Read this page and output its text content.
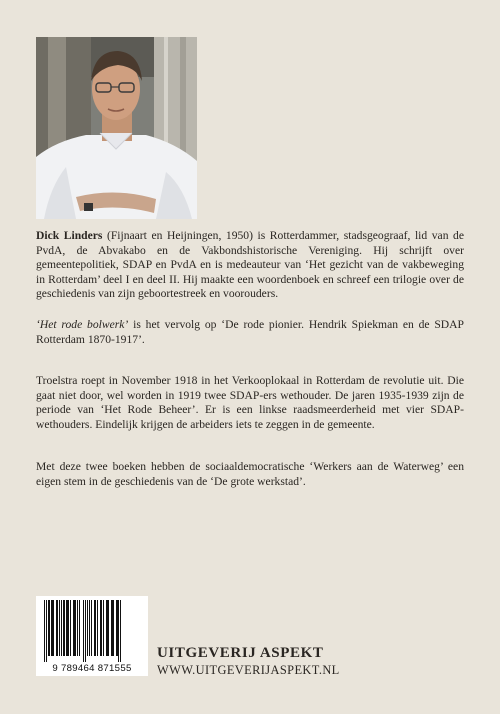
Dick Linders (Fijnaart en Heijningen, 1950) is Rotterdammer, stadsgeograaf, lid van de PvdA, de Abvakabo en de Vakbondshistorische Vereniging. Hij schrijft over gemeentepolitiek, SDAP en PvdA en is medeauteur van ‘Het gezicht van de vakbeweging in Rotterdam’ deel I en deel II. Hij maakte een woordenboek en schreef een trilogie over de geschiedenis van zijn geboortestreek en voorouders.
‘Het rode bolwerk’ is het vervolg op ‘De rode pionier. Hendrik Spiekman en de SDAP Rotterdam 1870-1917’.
Troelstra roept in November 1918 in het Verkooplokaal in Rotterdam de revolutie uit. Die gaat niet door, wel worden in 1919 twee SDAP-ers wethouder. De jaren 1935-1939 zijn de periode van ‘Het Rode Beheer’. Er is een linkse raadsmeerderheid met vier SDAP-wethouders. Eindelijk krijgen de arbeiders iets te zeggen in de gemeente.
Met deze twee boeken hebben de sociaaldemocratische ‘Werkers aan de Waterweg’ een eigen stem in de geschiedenis van de ‘De grote werkstad’.
9 789464 871555
UITGEVERIJ ASPEKT
WWW.UITGEVERIJASPEKT.NL
